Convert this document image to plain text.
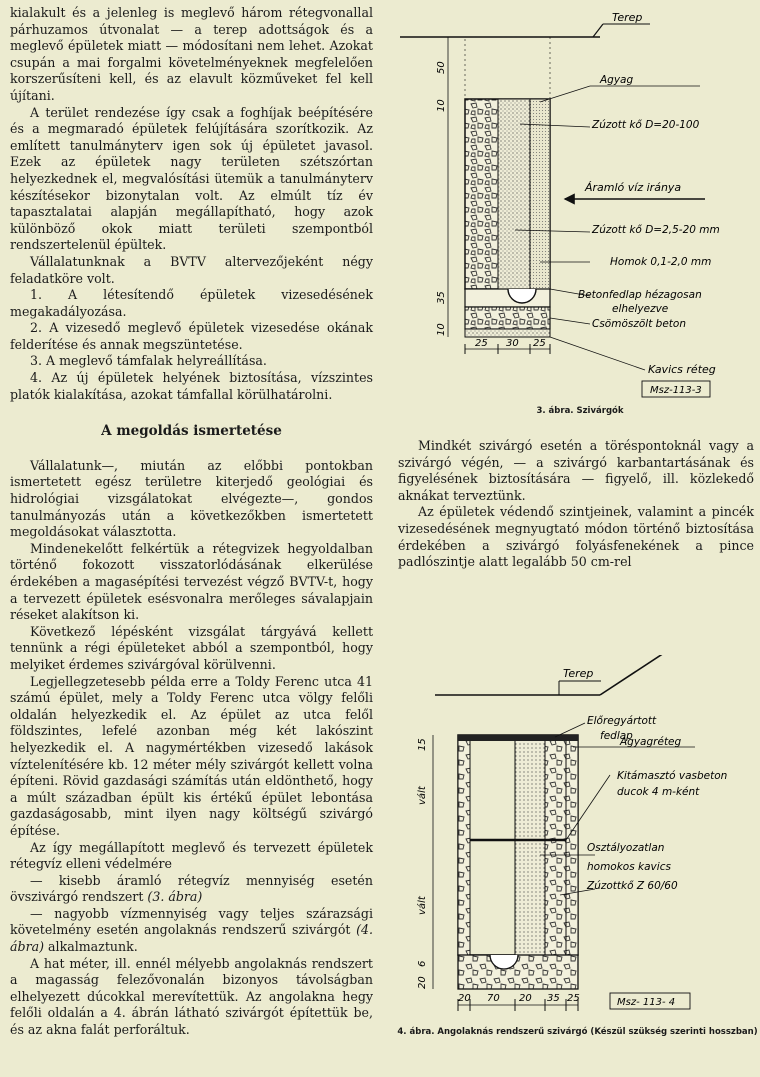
kialakult és a jelenleg is meglevő három rétegvonallal párhuzamos útvonalat — a terep adottságok és a meglevő épületek miatt — módosítani nem lehet. Azokat csupán a mai forgalmi követelményeknek megfelelően korszerűsíteni kell, és az elavult közműveket fel kell újítani.

A terület rendezése így csak a foghíjak beépítésére és a megmaradó épületek felújítására szorítkozik. Az említett tanulmányterv igen sok új épületet javasol. Ezek az épületek nagy területen szétszórtan helyezkednek el, megvalósítási ütemük a tanulmányterv készítésekor bizonytalan volt. Az elmúlt tíz év tapasztalatai alapján megállapítható, hogy azok különböző okok miatt területi szempontból rendszertelenül épültek.

Vállalatunknak a BVTV altervezőjeként négy feladatköre volt.

1. A létesítendő épületek vizesedésének megakadályozása.

2. A vizesedő meglevő épületek vizesedése okának felderítése és annak megszüntetése.

3. A meglevő támfalak helyreállítása.

4. Az új épületek helyének biztosítása, vízszintes platók kialakítása, azokat támfallal körülhatárolni.

A megoldás ismertetése

Vállalatunk—, miután az előbbi pontokban ismertetett egész területre kiterjedő geológiai és hidrológiai vizsgálatokat elvégezte—, gondos tanulmányozás után a következőkben ismertetett megoldásokat választotta.

Mindenekelőtt felkértük a rétegvizek hegyoldalban történő fokozott visszatorlódásának elkerülése érdekében a magasépítési tervezést végző BVTV-t, hogy a tervezett épületek esésvonalra merőleges sávalapjain réseket alakítson ki.

Következő lépésként vizsgálat tárgyává kellett tennünk a régi épületeket abból a szempontból, hogy melyiket érdemes szivárgóval körülvenni.

Legjellegzetesebb példa erre a Toldy Ferenc utca 41 számú épület, mely a Toldy Ferenc utca völgy felőli oldalán helyezkedik el. Az épület az utca felől földszintes, lefelé azonban még két lakószint helyezkedik el. A nagymértékben vizesedő lakások víztelenítésére kb. 12 méter mély szivárgót kellett volna építeni. Rövid gazdasági számítás után eldönthető, hogy a múlt században épült kis értékű épület lebontása gazdaságosabb, mint ilyen nagy költségű szivárgó építése.

Az így megállapított meglevő és tervezett épületek rétegvíz elleni védelmére

— kisebb áramló rétegvíz mennyiség esetén övszivárgó rendszert (3. ábra)

— nagyobb vízmennyiség vagy teljes szárazsági követelmény esetén angolaknás rendszerű szivárgót (4. ábra) alkalmaztunk.

A hat méter, ill. ennél mélyebb angolaknás rendszert a magasság felezővonalán bizonyos távolságban elhelyezett dúcokkal merevítettük. Az angolakna hegy felőli oldalán a 4. ábrán látható szivárgót építettük be, és az akna falát perforáltuk.

Terep
50
10
35
10
25 30 25
Agyag
Zúzott kő D=20-100
Áramló víz iránya
Zúzott kő D=2,5-20 mm
Homok 0,1-2,0 mm
Betonfedlap hézagosan
elhelyezve
Csömöszölt beton
Kavics réteg
Msz-113-3
3. ábra. Szivárgók

Mindkét szivárgó esetén a töréspontoknál vagy a szivárgó végén, — a szivárgó karbantartásának és figyelésének biztosítására — figyelő, ill. közlekedő aknákat terveztünk.

Az épületek védendő szintjeinek, valamint a pincék vizesedésének megnyugtató módon történő biztosítása érdekében a szivárgó folyásfenekének a pince padlószintje alatt legalább 50 cm-rel

Terep
15
vált
vált
6
20
20 70 20 35 25
Előregyártott
fedlap
Agyagréteg
Kitámasztó vasbeton
ducok 4 m-ként
Osztályozatlan
homokos kavics
Zúzottkő Z 60/60
Msz- 113- 4
4. ábra. Angolaknás rendszerű szivárgó (Készül szükség szerinti hosszban)
